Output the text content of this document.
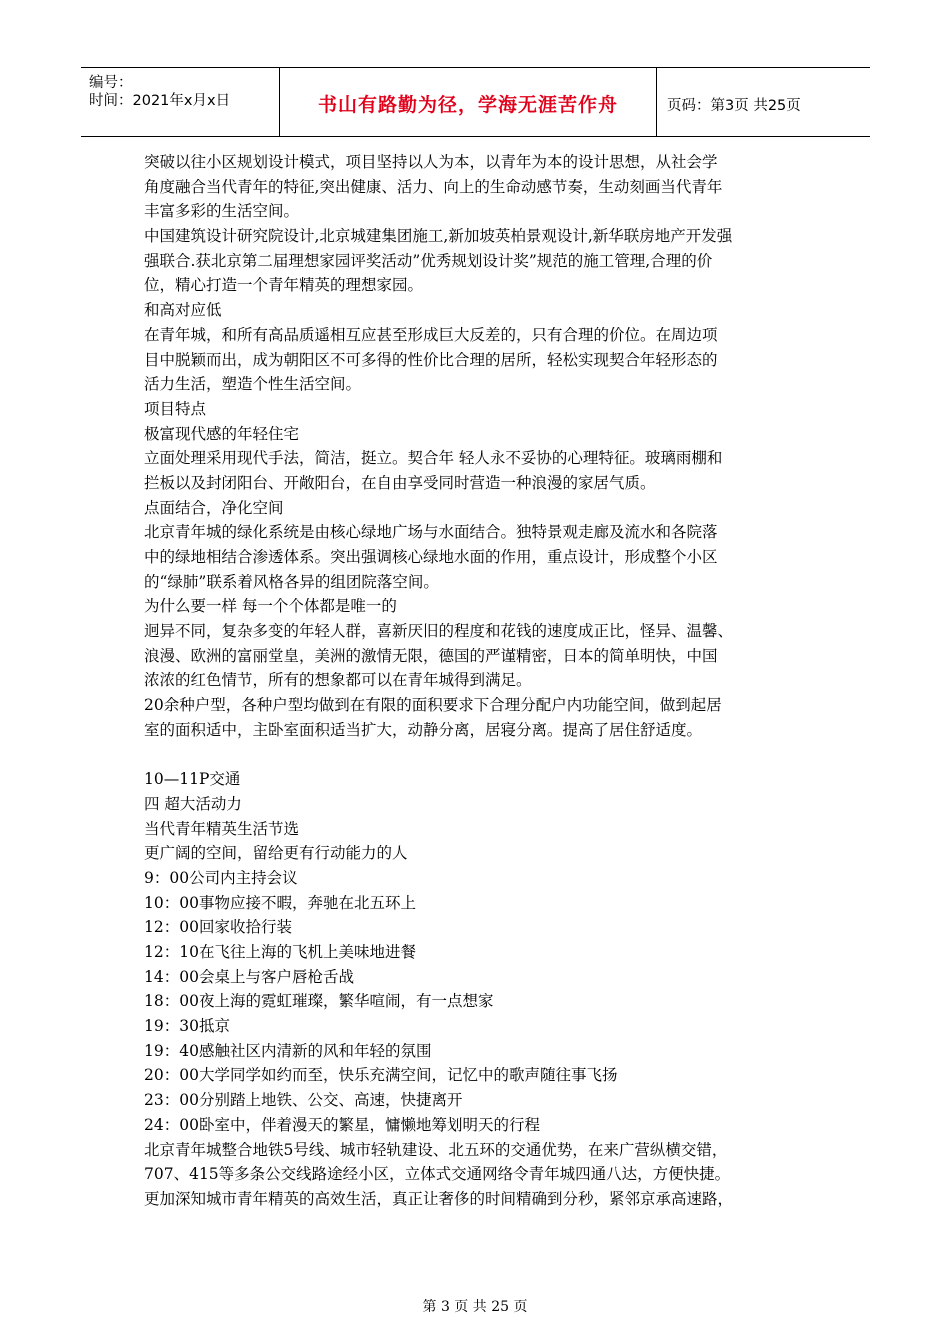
编号：
时间：2021年x月x日	书山有路勤为径，学海无涯苦作舟	页码：第3页 共25页
突破以往小区规划设计模式，项目坚持以人为本，以青年为本的设计思想，从社会学
角度融合当代青年的特征,突出健康、活力、向上的生命动感节奏，生动刻画当代青年
丰富多彩的生活空间。
中国建筑设计研究院设计,北京城建集团施工,新加坡英柏景观设计,新华联房地产开发强
强联合.获北京第二届理想家园评奖活动”优秀规划设计奖”规范的施工管理,合理的价
位，精心打造一个青年精英的理想家园。
和高对应低
在青年城，和所有高品质遥相互应甚至形成巨大反差的，只有合理的价位。在周边项
目中脱颖而出，成为朝阳区不可多得的性价比合理的居所，轻松实现契合年轻形态的
活力生活，塑造个性生活空间。
项目特点
极富现代感的年轻住宅
立面处理采用现代手法，简洁，挺立。契合年 轻人永不妥协的心理特征。玻璃雨棚和
拦板以及封闭阳台、开敞阳台，在自由享受同时营造一种浪漫的家居气质。
点面结合，净化空间
北京青年城的绿化系统是由核心绿地广场与水面结合。独特景观走廊及流水和各院落
中的绿地相结合渗透体系。突出强调核心绿地水面的作用，重点设计，形成整个小区
的“绿肺”联系着风格各异的组团院落空间。
为什么要一样 每一个个体都是唯一的
迥异不同，复杂多变的年轻人群，喜新厌旧的程度和花钱的速度成正比，怪异、温馨、
浪漫、欧洲的富丽堂皇，美洲的激情无限，德国的严谨精密，日本的简单明快，中国
浓浓的红色情节，所有的想象都可以在青年城得到满足。
20余种户型，各种户型均做到在有限的面积要求下合理分配户内功能空间，做到起居
室的面积适中，主卧室面积适当扩大，动静分离，居寝分离。提高了居住舒适度。
10—11P交通
四 超大活动力
当代青年精英生活节选
更广阔的空间，留给更有行动能力的人
9：00公司内主持会议
10：00事物应接不暇，奔驰在北五环上
12：00回家收拾行装
12：10在飞往上海的飞机上美味地进餐
14：00会桌上与客户唇枪舌战
18：00夜上海的霓虹璀璨，繁华喧闹，有一点想家
19：30抵京
19：40感触社区内清新的风和年轻的氛围
20：00大学同学如约而至，快乐充满空间，记忆中的歌声随往事飞扬
23：00分别踏上地铁、公交、高速，快捷离开
24：00卧室中，伴着漫天的繁星，慵懒地筹划明天的行程
北京青年城整合地铁5号线、城市轻轨建设、北五环的交通优势，在来广营纵横交错，
707、415等多条公交线路途经小区，立体式交通网络令青年城四通八达，方便快捷。
更加深知城市青年精英的高效生活，真正让奢侈的时间精确到分秒，紧邻京承高速路，
第 3 页 共 25 页
